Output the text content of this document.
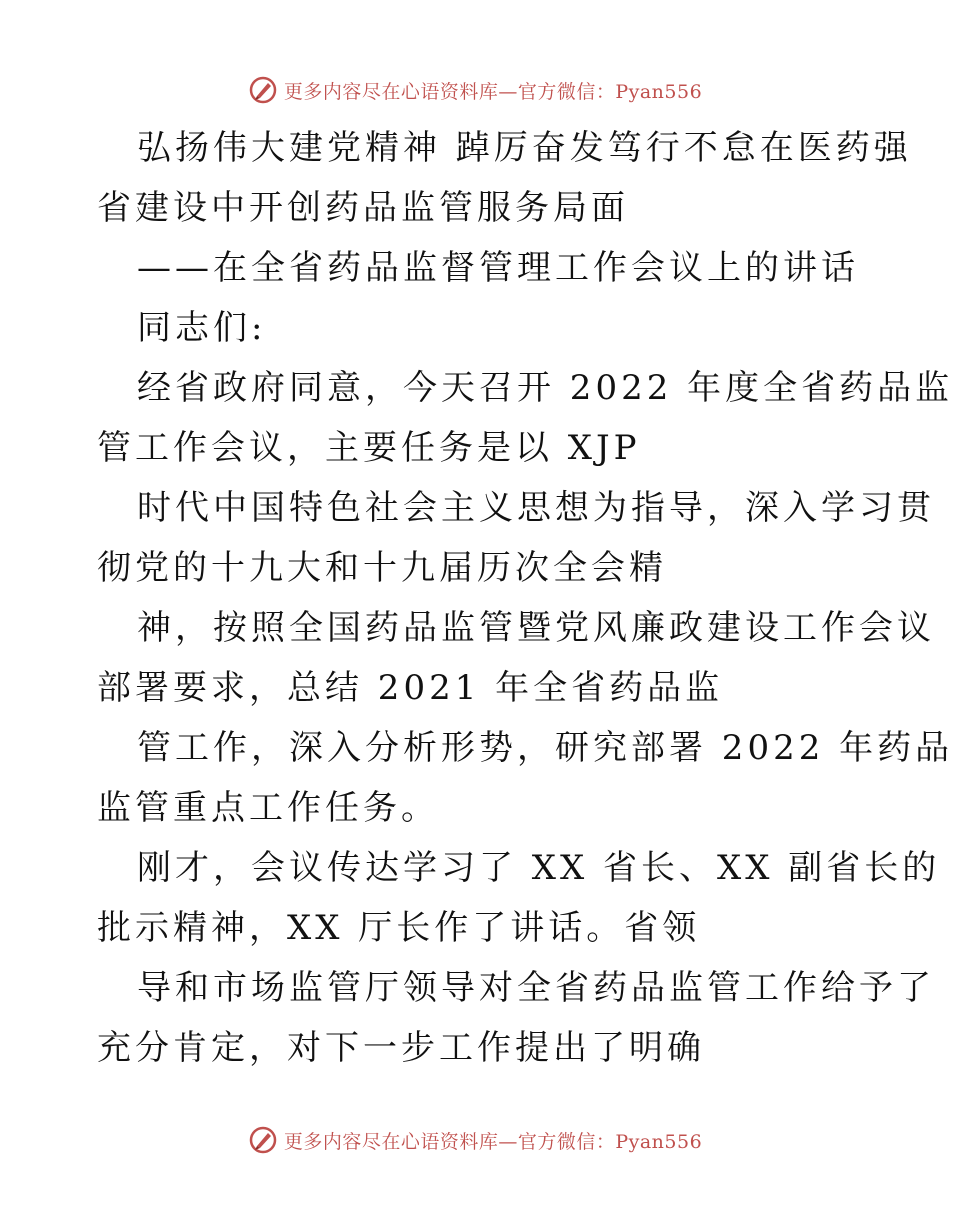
更多内容尽在心语资料库—官方微信：Pyan556
弘扬伟大建党精神 踔厉奋发笃行不怠在医药强
省建设中开创药品监管服务局面
——在全省药品监督管理工作会议上的讲话
同志们:
经省政府同意，今天召开 2022 年度全省药品监
管工作会议，主要任务是以 XJP
时代中国特色社会主义思想为指导，深入学习贯
彻党的十九大和十九届历次全会精
神，按照全国药品监管暨党风廉政建设工作会议
部署要求，总结 2021 年全省药品监
管工作，深入分析形势，研究部署 2022 年药品
监管重点工作任务。
刚才，会议传达学习了 XX 省长、XX 副省长的
批示精神，XX 厅长作了讲话。省领
导和市场监管厅领导对全省药品监管工作给予了
充分肯定，对下一步工作提出了明确
更多内容尽在心语资料库—官方微信：Pyan556
